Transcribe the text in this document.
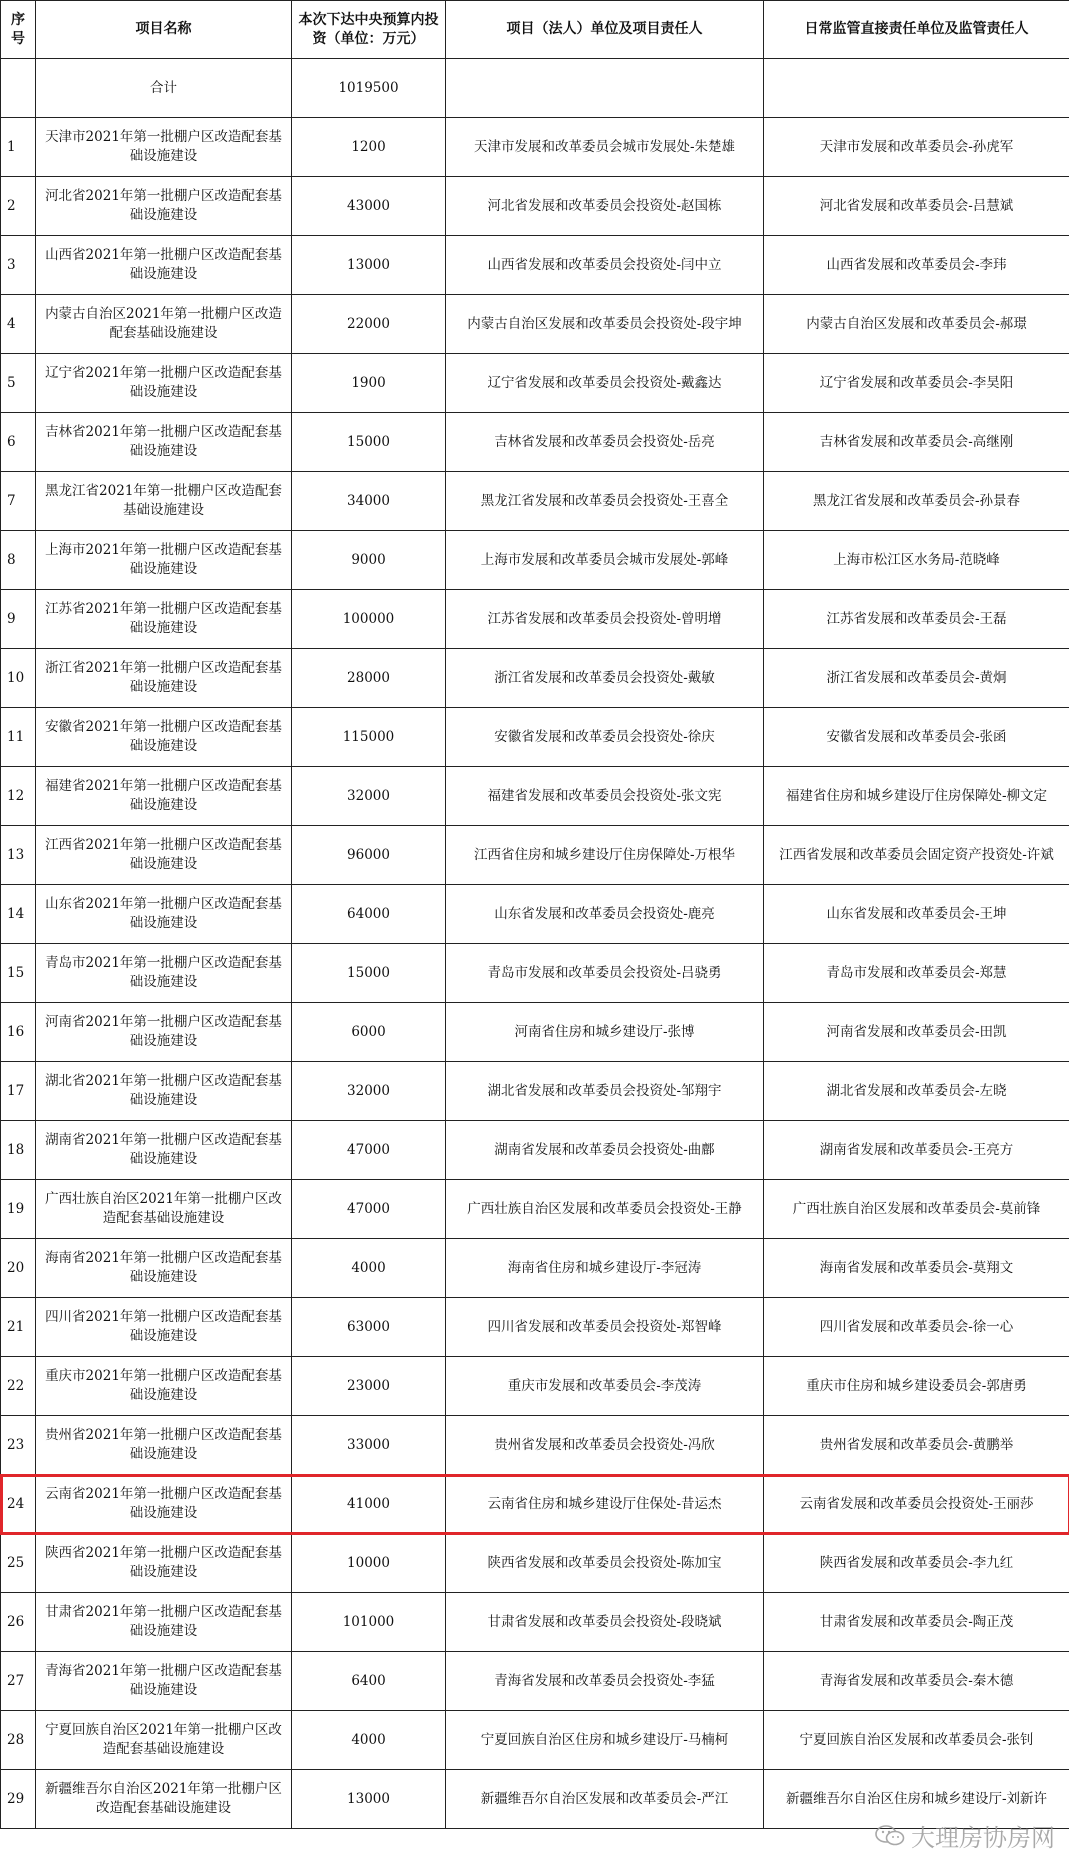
序号	项目名称	本次下达中央预算内投资（单位：万元）	项目（法人）单位及项目责任人	日常监管直接责任单位及监管责任人
	合计	1019500		
1	天津市2021年第一批棚户区改造配套基础设施建设	1200	天津市发展和改革委员会城市发展处-朱楚雄	天津市发展和改革委员会-孙虎军
2	河北省2021年第一批棚户区改造配套基础设施建设	43000	河北省发展和改革委员会投资处-赵国栋	河北省发展和改革委员会-吕慧斌
3	山西省2021年第一批棚户区改造配套基础设施建设	13000	山西省发展和改革委员会投资处-闫中立	山西省发展和改革委员会-李玮
4	内蒙古自治区2021年第一批棚户区改造配套基础设施建设	22000	内蒙古自治区发展和改革委员会投资处-段宇坤	内蒙古自治区发展和改革委员会-郝璟
5	辽宁省2021年第一批棚户区改造配套基础设施建设	1900	辽宁省发展和改革委员会投资处-戴鑫达	辽宁省发展和改革委员会-李昊阳
6	吉林省2021年第一批棚户区改造配套基础设施建设	15000	吉林省发展和改革委员会投资处-岳亮	吉林省发展和改革委员会-高继刚
7	黑龙江省2021年第一批棚户区改造配套基础设施建设	34000	黑龙江省发展和改革委员会投资处-王喜全	黑龙江省发展和改革委员会-孙景春
8	上海市2021年第一批棚户区改造配套基础设施建设	9000	上海市发展和改革委员会城市发展处-郭峰	上海市松江区水务局-范晓峰
9	江苏省2021年第一批棚户区改造配套基础设施建设	100000	江苏省发展和改革委员会投资处-曾明增	江苏省发展和改革委员会-王磊
10	浙江省2021年第一批棚户区改造配套基础设施建设	28000	浙江省发展和改革委员会投资处-戴敏	浙江省发展和改革委员会-黄炯
11	安徽省2021年第一批棚户区改造配套基础设施建设	115000	安徽省发展和改革委员会投资处-徐庆	安徽省发展和改革委员会-张函
12	福建省2021年第一批棚户区改造配套基础设施建设	32000	福建省发展和改革委员会投资处-张文宪	福建省住房和城乡建设厅住房保障处-柳文定
13	江西省2021年第一批棚户区改造配套基础设施建设	96000	江西省住房和城乡建设厅住房保障处-万根华	江西省发展和改革委员会固定资产投资处-许斌
14	山东省2021年第一批棚户区改造配套基础设施建设	64000	山东省发展和改革委员会投资处-鹿亮	山东省发展和改革委员会-王坤
15	青岛市2021年第一批棚户区改造配套基础设施建设	15000	青岛市发展和改革委员会投资处-吕骁勇	青岛市发展和改革委员会-郑慧
16	河南省2021年第一批棚户区改造配套基础设施建设	6000	河南省住房和城乡建设厅-张博	河南省发展和改革委员会-田凯
17	湖北省2021年第一批棚户区改造配套基础设施建设	32000	湖北省发展和改革委员会投资处-邹翔宇	湖北省发展和改革委员会-左晓
18	湖南省2021年第一批棚户区改造配套基础设施建设	47000	湖南省发展和改革委员会投资处-曲鄜	湖南省发展和改革委员会-王亮方
19	广西壮族自治区2021年第一批棚户区改造配套基础设施建设	47000	广西壮族自治区发展和改革委员会投资处-王静	广西壮族自治区发展和改革委员会-莫前锋
20	海南省2021年第一批棚户区改造配套基础设施建设	4000	海南省住房和城乡建设厅-李冠涛	海南省发展和改革委员会-莫翔文
21	四川省2021年第一批棚户区改造配套基础设施建设	63000	四川省发展和改革委员会投资处-郑智峰	四川省发展和改革委员会-徐一心
22	重庆市2021年第一批棚户区改造配套基础设施建设	23000	重庆市发展和改革委员会-李茂涛	重庆市住房和城乡建设委员会-郭唐勇
23	贵州省2021年第一批棚户区改造配套基础设施建设	33000	贵州省发展和改革委员会投资处-冯欣	贵州省发展和改革委员会-黄鹏举
24	云南省2021年第一批棚户区改造配套基础设施建设	41000	云南省住房和城乡建设厅住保处-昔运杰	云南省发展和改革委员会投资处-王丽莎
25	陕西省2021年第一批棚户区改造配套基础设施建设	10000	陕西省发展和改革委员会投资处-陈加宝	陕西省发展和改革委员会-李九红
26	甘肃省2021年第一批棚户区改造配套基础设施建设	101000	甘肃省发展和改革委员会投资处-段晓斌	甘肃省发展和改革委员会-陶正茂
27	青海省2021年第一批棚户区改造配套基础设施建设	6400	青海省发展和改革委员会投资处-李猛	青海省发展和改革委员会-秦木德
28	宁夏回族自治区2021年第一批棚户区改造配套基础设施建设	4000	宁夏回族自治区住房和城乡建设厅-马楠柯	宁夏回族自治区发展和改革委员会-张钊
29	新疆维吾尔自治区2021年第一批棚户区改造配套基础设施建设	13000	新疆维吾尔自治区发展和改革委员会-严江	新疆维吾尔自治区住房和城乡建设厅-刘新许
大理房协房网
